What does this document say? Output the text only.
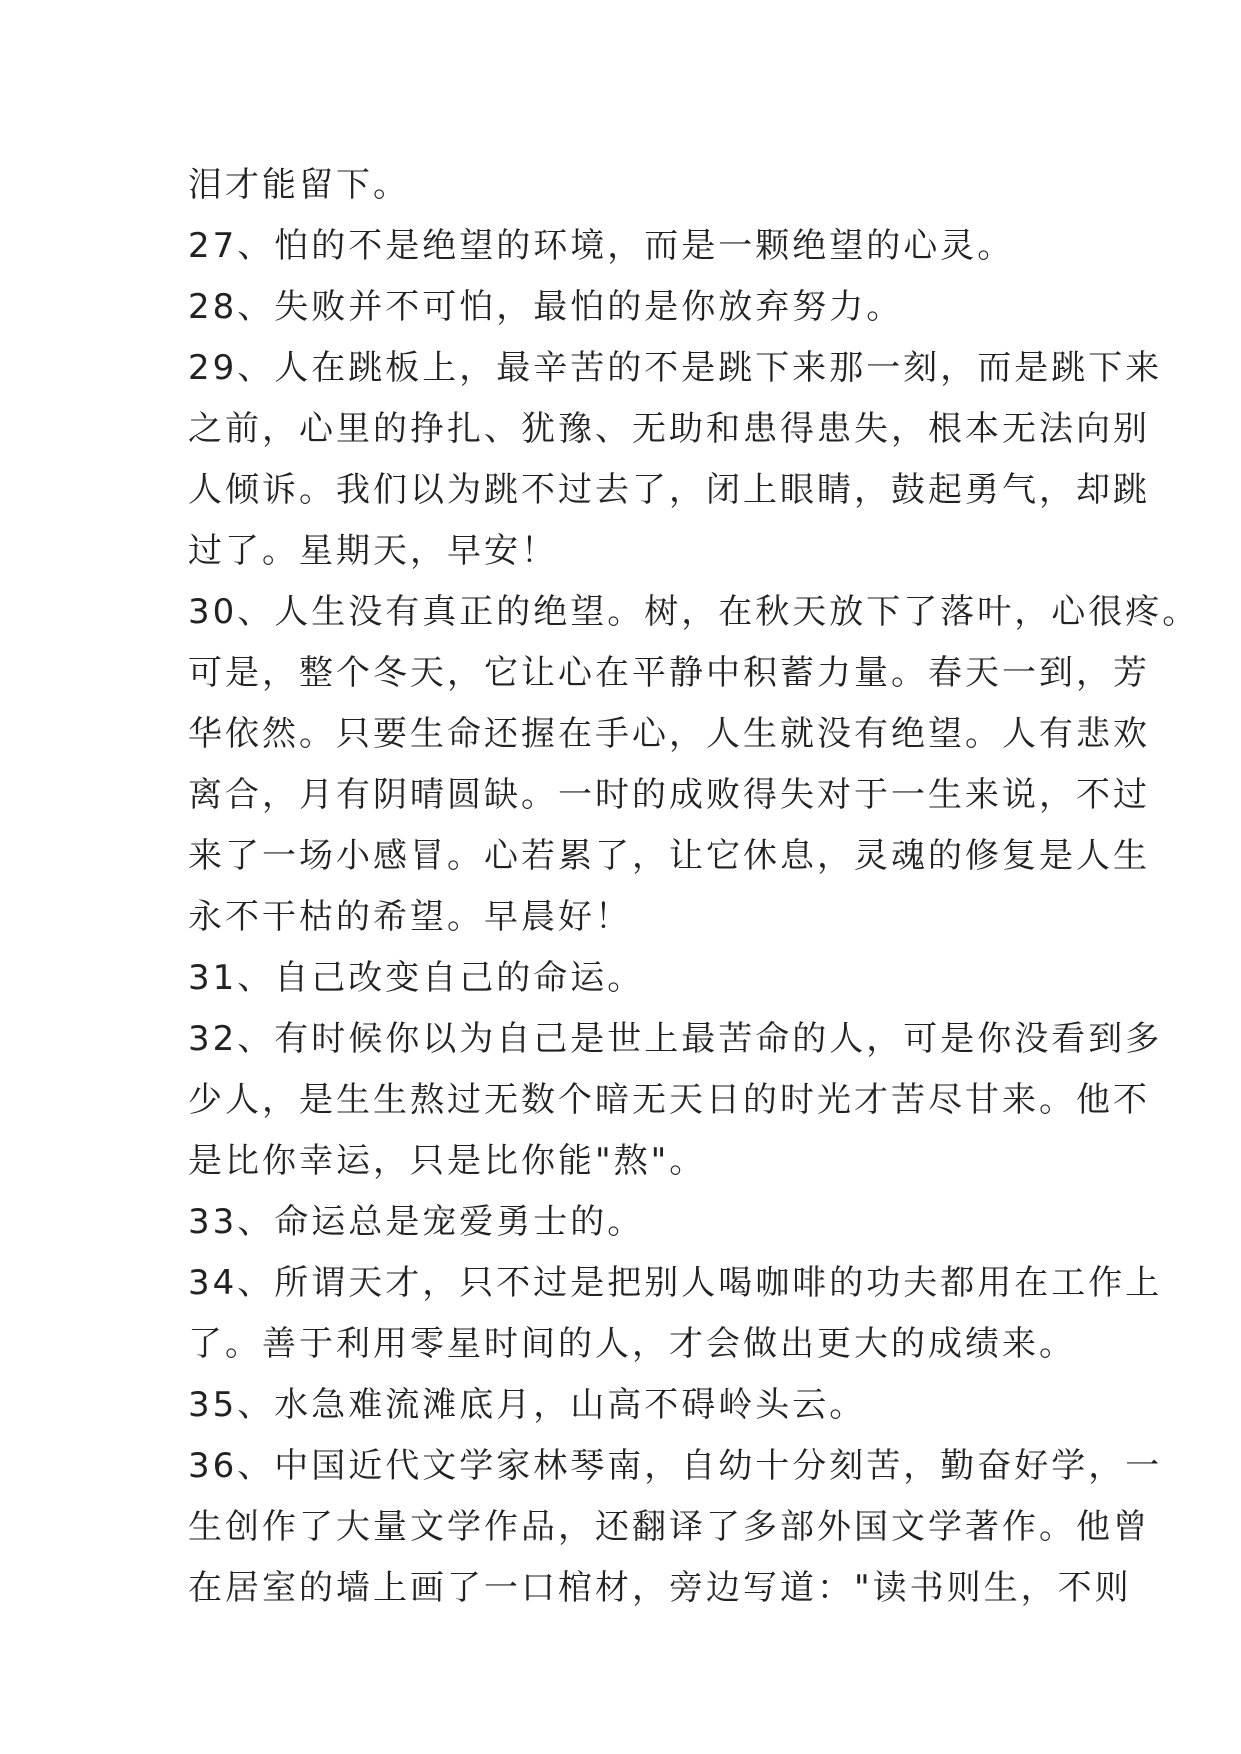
泪才能留下。
27、怕的不是绝望的环境，而是一颗绝望的心灵。
28、失败并不可怕，最怕的是你放弃努力。
29、人在跳板上，最辛苦的不是跳下来那一刻，而是跳下来
之前，心里的挣扎、犹豫、无助和患得患失，根本无法向别
人倾诉。我们以为跳不过去了，闭上眼睛，鼓起勇气，却跳
过了。星期天，早安！
30、人生没有真正的绝望。树，在秋天放下了落叶，心很疼。
可是，整个冬天，它让心在平静中积蓄力量。春天一到，芳
华依然。只要生命还握在手心，人生就没有绝望。人有悲欢
离合，月有阴晴圆缺。一时的成败得失对于一生来说，不过
来了一场小感冒。心若累了，让它休息，灵魂的修复是人生
永不干枯的希望。早晨好！
31、自己改变自己的命运。
32、有时候你以为自己是世上最苦命的人，可是你没看到多
少人，是生生熬过无数个暗无天日的时光才苦尽甘来。他不
是比你幸运，只是比你能"熬"。
33、命运总是宠爱勇士的。
34、所谓天才，只不过是把别人喝咖啡的功夫都用在工作上
了。善于利用零星时间的人，才会做出更大的成绩来。
35、水急难流滩底月，山高不碍岭头云。
36、中国近代文学家林琴南，自幼十分刻苦，勤奋好学，一
生创作了大量文学作品，还翻译了多部外国文学著作。他曾
在居室的墙上画了一口棺材，旁边写道："读书则生，不则
